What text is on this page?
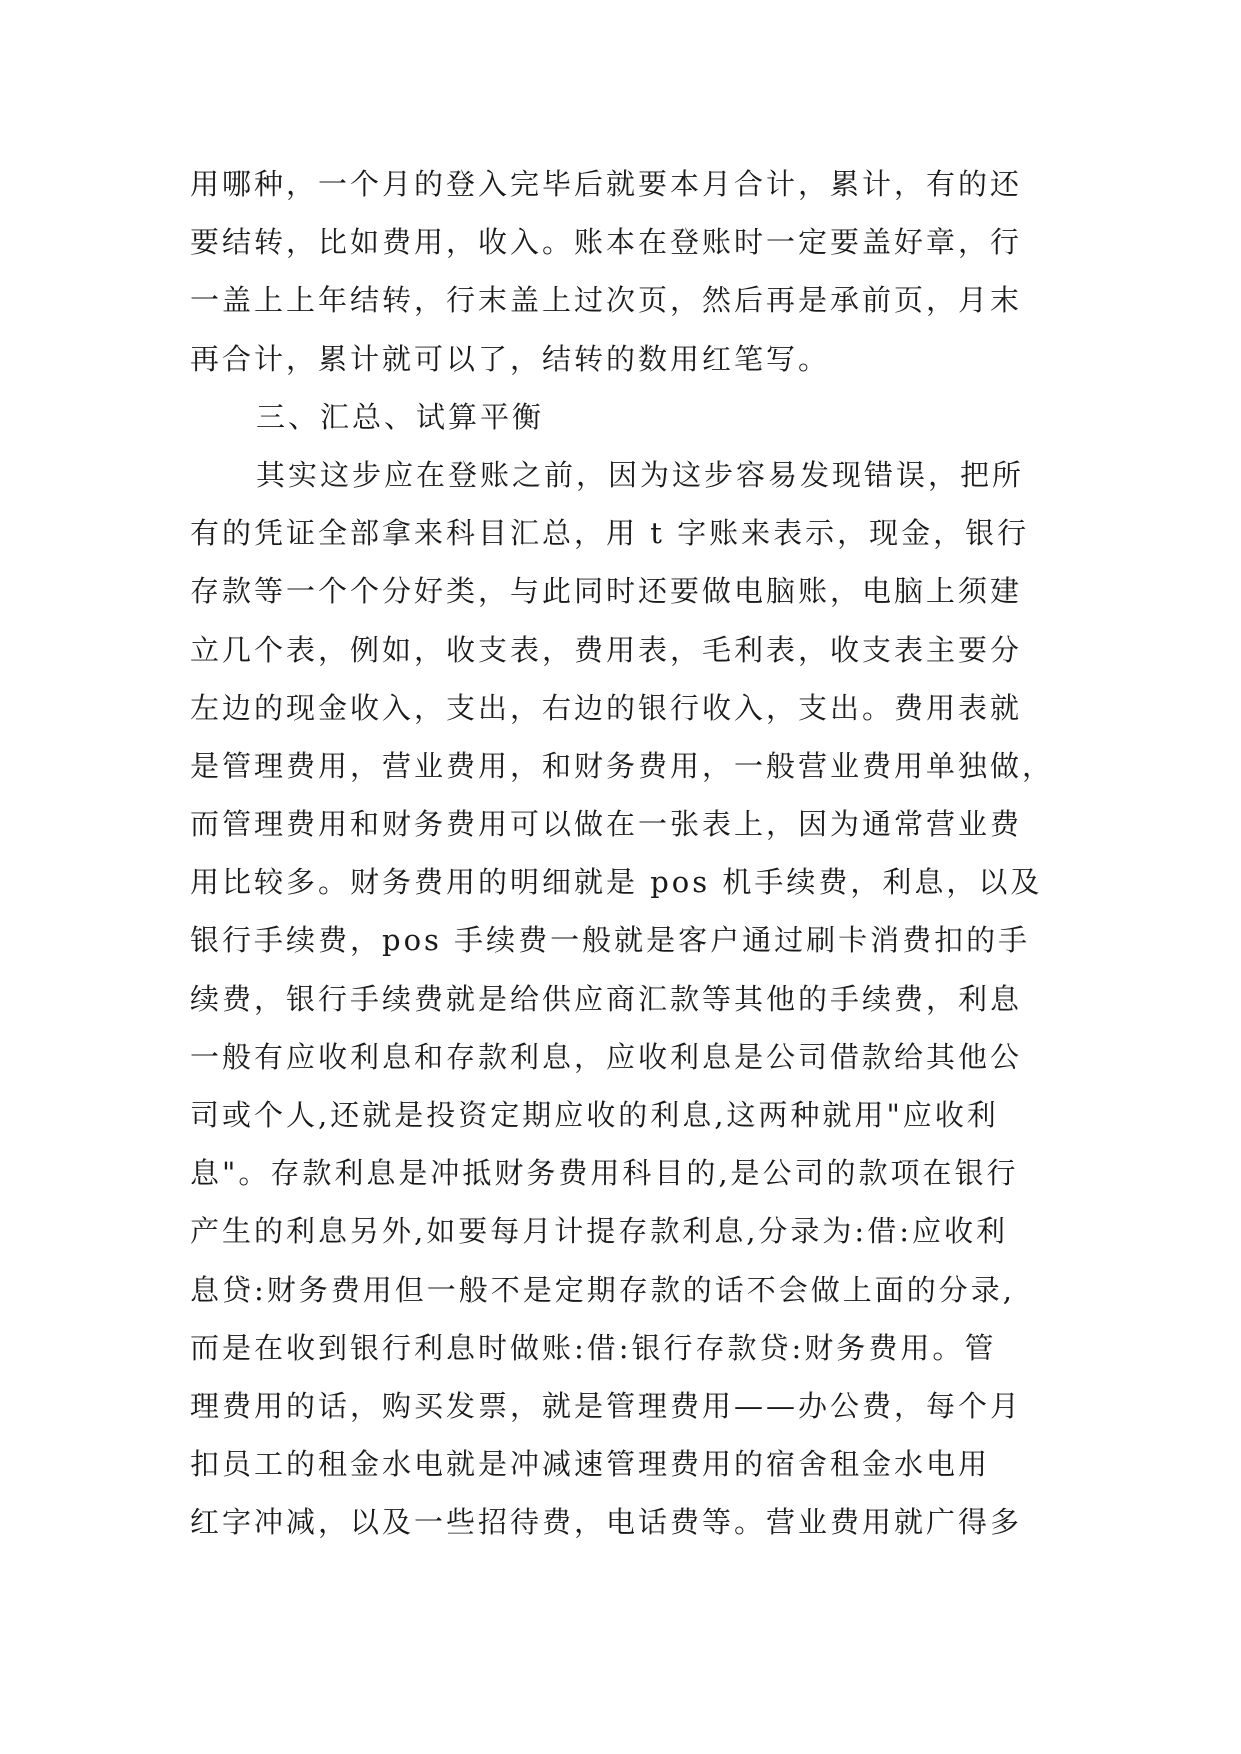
用哪种，一个月的登入完毕后就要本月合计，累计，有的还
要结转，比如费用，收入。账本在登账时一定要盖好章，行
一盖上上年结转，行末盖上过次页，然后再是承前页，月末
再合计，累计就可以了，结转的数用红笔写。
三、汇总、试算平衡
其实这步应在登账之前，因为这步容易发现错误，把所
有的凭证全部拿来科目汇总，用 t 字账来表示，现金，银行
存款等一个个分好类，与此同时还要做电脑账，电脑上须建
立几个表，例如，收支表，费用表，毛利表，收支表主要分
左边的现金收入，支出，右边的银行收入，支出。费用表就
是管理费用，营业费用，和财务费用，一般营业费用单独做，
而管理费用和财务费用可以做在一张表上，因为通常营业费
用比较多。财务费用的明细就是 pos 机手续费，利息，以及
银行手续费，pos 手续费一般就是客户通过刷卡消费扣的手
续费，银行手续费就是给供应商汇款等其他的手续费，利息
一般有应收利息和存款利息，应收利息是公司借款给其他公
司或个人,还就是投资定期应收的利息,这两种就用"应收利
息"。存款利息是冲抵财务费用科目的,是公司的款项在银行
产生的利息另外,如要每月计提存款利息,分录为:借:应收利
息贷:财务费用但一般不是定期存款的话不会做上面的分录,
而是在收到银行利息时做账:借:银行存款贷:财务费用。管
理费用的话，购买发票，就是管理费用——办公费，每个月
扣员工的租金水电就是冲减速管理费用的宿舍租金水电用
红字冲减，以及一些招待费，电话费等。营业费用就广得多
